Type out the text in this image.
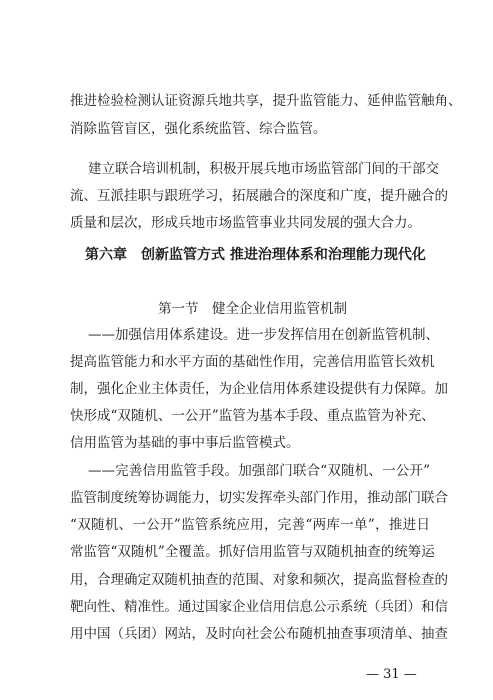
推进检验检测认证资源兵地共享，提升监管能力、延伸监管触角、
消除监管盲区，强化系统监管、综合监管。
建立联合培训机制，积极开展兵地市场监管部门间的干部交
流、互派挂职与跟班学习，拓展融合的深度和广度，提升融合的
质量和层次，形成兵地市场监管事业共同发展的强大合力。
第六章　创新监管方式 推进治理体系和治理能力现代化
第一节　健全企业信用监管机制
——加强信用体系建设。进一步发挥信用在创新监管机制、
提高监管能力和水平方面的基础性作用，完善信用监管长效机
制，强化企业主体责任，为企业信用体系建设提供有力保障。加
快形成“双随机、一公开”监管为基本手段、重点监管为补充、
信用监管为基础的事中事后监管模式。
——完善信用监管手段。加强部门联合“双随机、一公开”
监管制度统筹协调能力，切实发挥牵头部门作用，推动部门联合
“双随机、一公开”监管系统应用，完善“两库一单”，推进日
常监管“双随机”全覆盖。抓好信用监管与双随机抽查的统筹运
用，合理确定双随机抽查的范围、对象和频次，提高监督检查的
靶向性、精准性。通过国家企业信用信息公示系统（兵团）和信
用中国（兵团）网站，及时向社会公布随机抽查事项清单、抽查
— 31 —
